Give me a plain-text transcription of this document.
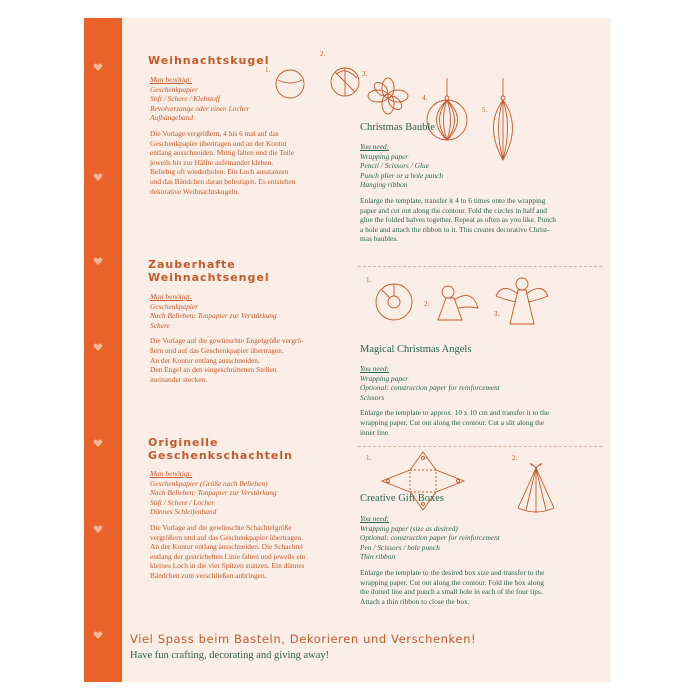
Weihnachtskugel
Man benötigt:
Geschenkpapier
Stift / Schere / Klebstoff
Revolverzange oder einen Locher
Aufhängeband
Die Vorlage vergrößern, 4 bis 6 mal auf das
Geschenkpapier übertragen und an der Kontur
entlang ausschneiden. Mittig falten und die Teile
jeweils bis zur Hälfte aufeinander kleben.
Beliebig oft wiederholen. Ein Loch ausstanzen
und das Bändchen daran befestigen. Es entstehen
dekorative Weihnachtskugeln.
1.
2.
3.
4.
5.
Christmas Bauble
You need:
Wrapping paper
Pencil / Scissors / Glue
Punch plier or a hole punch
Hanging ribbon
Enlarge the template, transfer it 4 to 6 times onto the wrapping
paper and cut out along the contour. Fold the circles in half and
glue the folded halves together. Repeat as often as you like. Punch
a hole and attach the ribbon to it. This creates decorative Christ-
mas baubles.
Zauberhafte
Weihnachtsengel
Man benötigt:
Geschenkpapier
Nach Belieben: Tonpapier zur Verstärkung
Schere
Die Vorlage auf die gewünschte Engelgröße vergrö-
ßern und auf das Geschenkpapier übertragen.
An der Kontur entlang ausschneiden.
Den Engel an den eingeschnittenen Stellen
ineinander stecken.
1.
2.
3.
Magical Christmas Angels
You need:
Wrapping paper
Optional: construction paper for reinforcement
Scissors
Enlarge the template to approx. 10 x 10 cm and transfer it to the
wrapping paper. Cut out along the contour. Cut a slit along the
inner line.
Originelle
Geschenkschachteln
Man benötigt:
Geschenkpapier (Größe nach Belieben)
Nach Belieben: Tonpapier zur Verstärkung
Stift / Schere / Locher
Dünnes Schleifenband
Die Vorlage auf die gewünschte Schachtelgröße
vergrößern und auf das Geschenkpapier übertragen.
An der Kontur entlang ausschneiden. Die Schachtel
entlang der gestrichelten Linie falten und jeweils ein
kleines Loch in die vier Spitzen stanzen. Ein dünnes
Bändchen zum verschließen anbringen.
1.	2.
Creative Gift Boxes
You need:
Wrapping paper (size as desired)
Optional: construction paper for reinforcement
Pen / Scissors / hole punch
Thin ribbon
Enlarge the template to the desired box size and transfer to the
wrapping paper. Cut out along the contour. Fold the box along
the dotted line and punch a small hole in each of the four tips.
Attach a thin ribbon to close the box.
Viel Spass beim Basteln, Dekorieren und Verschenken!
Have fun crafting, decorating and giving away!
